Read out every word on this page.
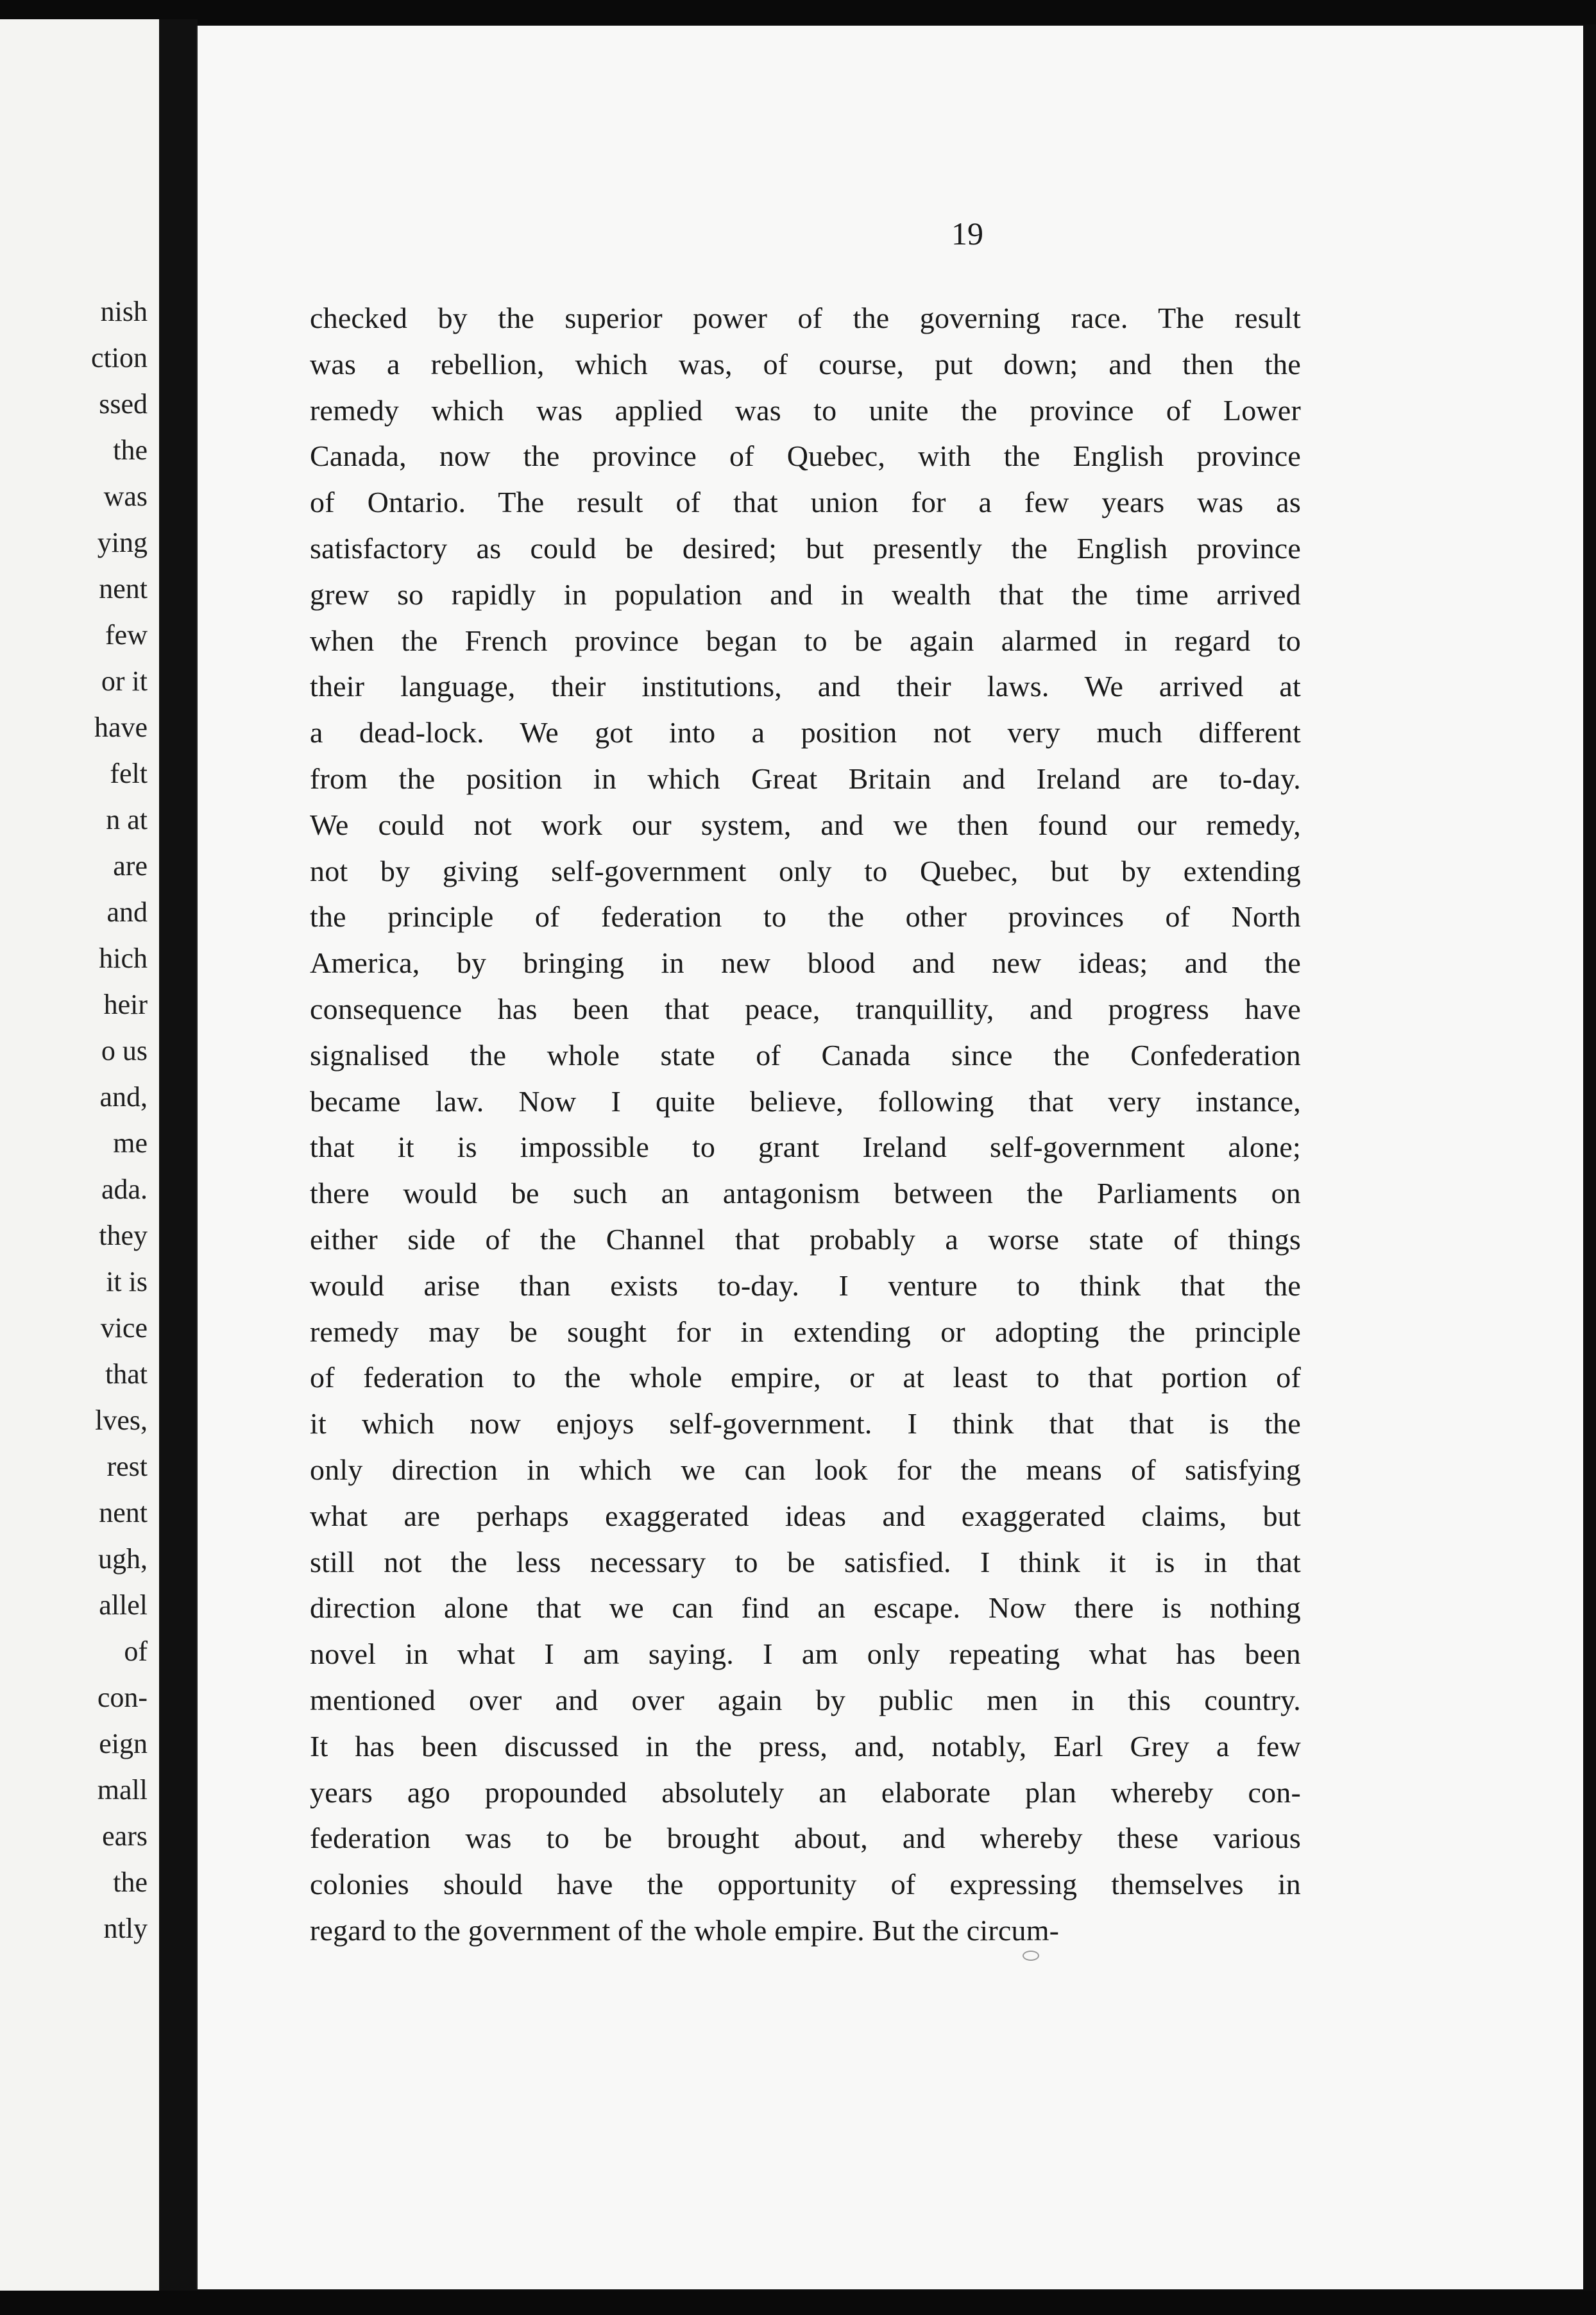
nish
ction
ssed
the
was
ying
nent
few
or it
have
felt
n at
are
and
hich
heir
o us
and,
me
ada.
they
it is
vice
that
lves,
rest
nent
ugh,
allel
of
con-
eign
mall
ears
the
ntly
19
checked by the superior power of the governing race. The result
was a rebellion, which was, of course, put down; and then the
remedy which was applied was to unite the province of Lower
Canada, now the province of Quebec, with the English province
of Ontario. The result of that union for a few years was as
satisfactory as could be desired; but presently the English province
grew so rapidly in population and in wealth that the time arrived
when the French province began to be again alarmed in regard to
their language, their institutions, and their laws. We arrived at
a dead-lock. We got into a position not very much different
from the position in which Great Britain and Ireland are to-day.
We could not work our system, and we then found our remedy,
not by giving self-government only to Quebec, but by extending
the principle of federation to the other provinces of North
America, by bringing in new blood and new ideas; and the
consequence has been that peace, tranquillity, and progress have
signalised the whole state of Canada since the Confederation
became law. Now I quite believe, following that very instance,
that it is impossible to grant Ireland self-government alone;
there would be such an antagonism between the Parliaments on
either side of the Channel that probably a worse state of things
would arise than exists to-day. I venture to think that the
remedy may be sought for in extending or adopting the principle
of federation to the whole empire, or at least to that portion of
it which now enjoys self-government. I think that that is the
only direction in which we can look for the means of satisfying
what are perhaps exaggerated ideas and exaggerated claims, but
still not the less necessary to be satisfied. I think it is in that
direction alone that we can find an escape. Now there is nothing
novel in what I am saying. I am only repeating what has been
mentioned over and over again by public men in this country.
It has been discussed in the press, and, notably, Earl Grey a few
years ago propounded absolutely an elaborate plan whereby con-
federation was to be brought about, and whereby these various
colonies should have the opportunity of expressing themselves in
regard to the government of the whole empire. But the circum-
